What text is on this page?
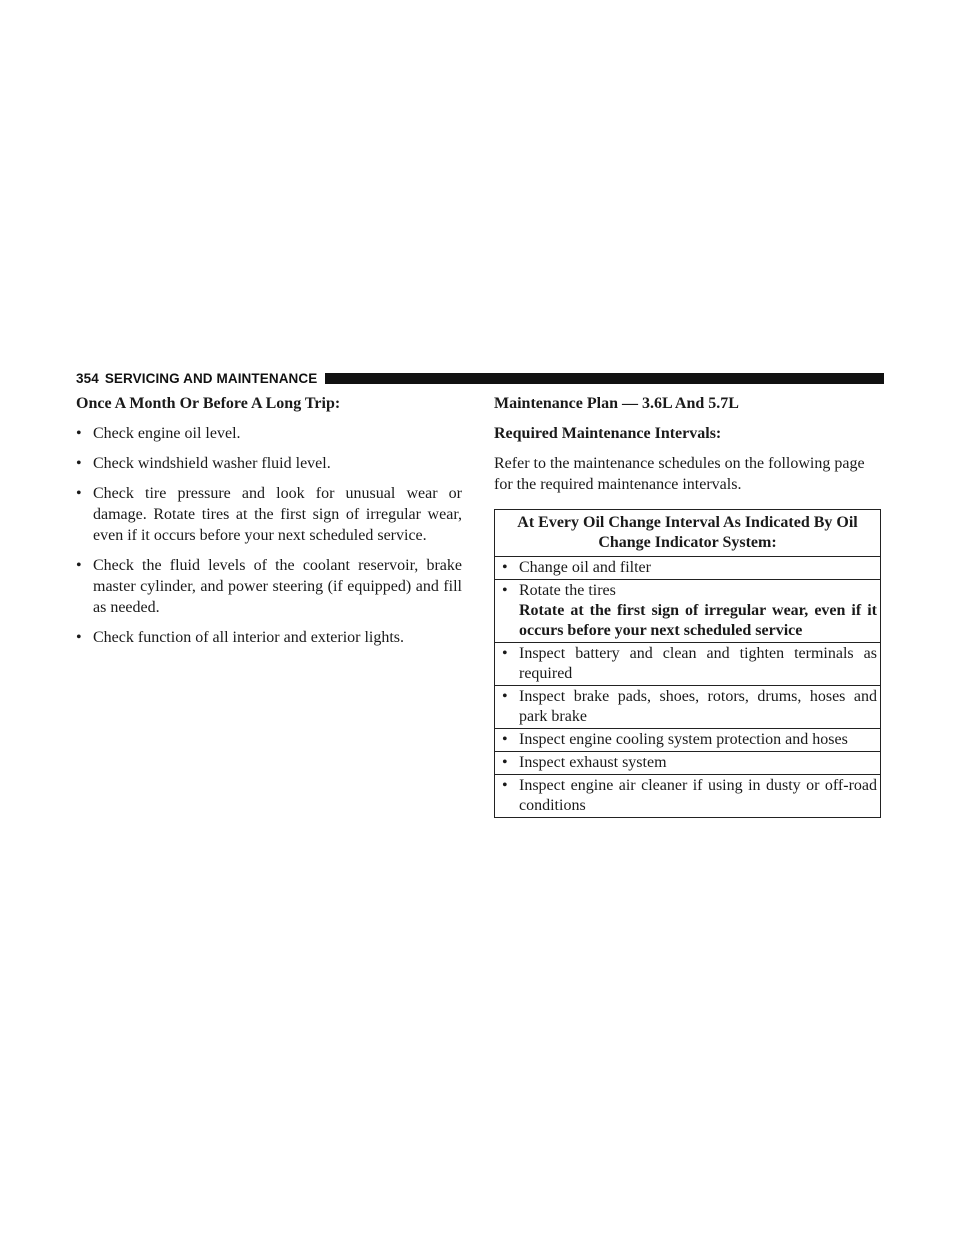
354 SERVICING AND MAINTENANCE

Once A Month Or Before A Long Trip:

• Check engine oil level.
• Check windshield washer fluid level.
• Check tire pressure and look for unusual wear or damage. Rotate tires at the first sign of irregular wear, even if it occurs before your next scheduled service.
• Check the fluid levels of the coolant reservoir, brake master cylinder, and power steering (if equipped) and fill as needed.
• Check function of all interior and exterior lights.

Maintenance Plan — 3.6L And 5.7L

Required Maintenance Intervals:

Refer to the maintenance schedules on the following page for the required maintenance intervals.

At Every Oil Change Interval As Indicated By Oil Change Indicator System:

• Change oil and filter

• Rotate the tires
Rotate at the first sign of irregular wear, even if it occurs before your next scheduled service

• Inspect battery and clean and tighten terminals as required

• Inspect brake pads, shoes, rotors, drums, hoses and park brake

• Inspect engine cooling system protection and hoses

• Inspect exhaust system

• Inspect engine air cleaner if using in dusty or off-road conditions
